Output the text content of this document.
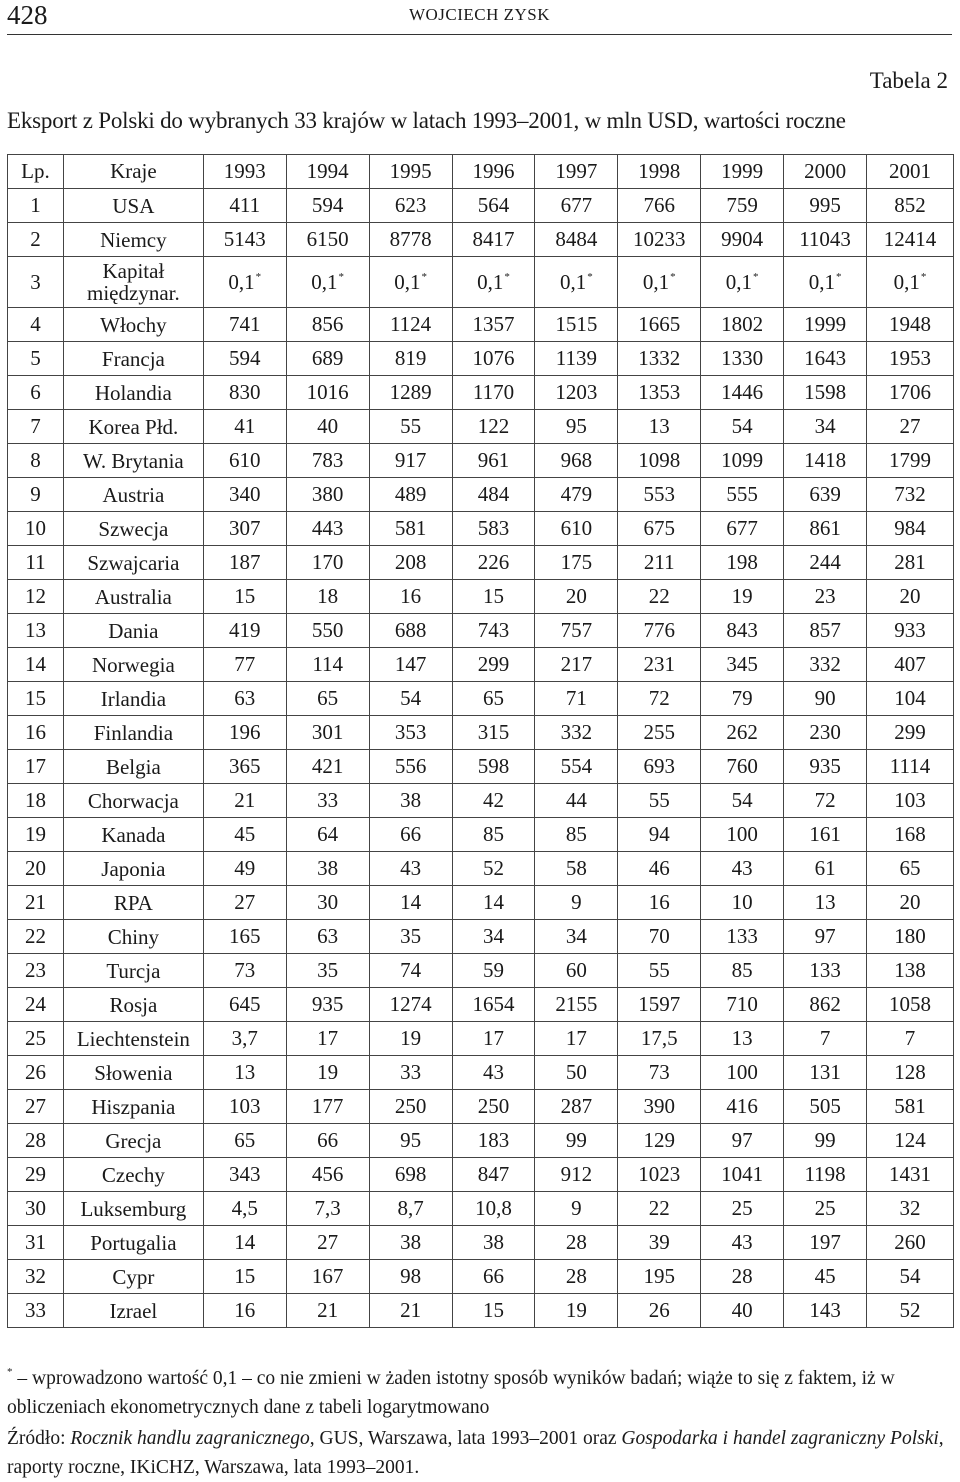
428	WOJCIECH ZYSK
Tabela 2
Eksport z Polski do wybranych 33 krajów w latach 1993–2001, w mln USD, wartości roczne
Lp.	Kraje	1993	1994	1995	1996	1997	1998	1999	2000	2001
1	USA	411	594	623	564	677	766	759	995	852
2	Niemcy	5143	6150	8778	8417	8484	10233	9904	11043	12414
3	Kapitał międzynar.	0,1*	0,1*	0,1*	0,1*	0,1*	0,1*	0,1*	0,1*	0,1*
4	Włochy	741	856	1124	1357	1515	1665	1802	1999	1948
5	Francja	594	689	819	1076	1139	1332	1330	1643	1953
6	Holandia	830	1016	1289	1170	1203	1353	1446	1598	1706
7	Korea Płd.	41	40	55	122	95	13	54	34	27
8	W. Brytania	610	783	917	961	968	1098	1099	1418	1799
9	Austria	340	380	489	484	479	553	555	639	732
10	Szwecja	307	443	581	583	610	675	677	861	984
11	Szwajcaria	187	170	208	226	175	211	198	244	281
12	Australia	15	18	16	15	20	22	19	23	20
13	Dania	419	550	688	743	757	776	843	857	933
14	Norwegia	77	114	147	299	217	231	345	332	407
15	Irlandia	63	65	54	65	71	72	79	90	104
16	Finlandia	196	301	353	315	332	255	262	230	299
17	Belgia	365	421	556	598	554	693	760	935	1114
18	Chorwacja	21	33	38	42	44	55	54	72	103
19	Kanada	45	64	66	85	85	94	100	161	168
20	Japonia	49	38	43	52	58	46	43	61	65
21	RPA	27	30	14	14	9	16	10	13	20
22	Chiny	165	63	35	34	34	70	133	97	180
23	Turcja	73	35	74	59	60	55	85	133	138
24	Rosja	645	935	1274	1654	2155	1597	710	862	1058
25	Liechtenstein	3,7	17	19	17	17	17,5	13	7	7
26	Słowenia	13	19	33	43	50	73	100	131	128
27	Hiszpania	103	177	250	250	287	390	416	505	581
28	Grecja	65	66	95	183	99	129	97	99	124
29	Czechy	343	456	698	847	912	1023	1041	1198	1431
30	Luksemburg	4,5	7,3	8,7	10,8	9	22	25	25	32
31	Portugalia	14	27	38	38	28	39	43	197	260
32	Cypr	15	167	98	66	28	195	28	45	54
33	Izrael	16	21	21	15	19	26	40	143	52
* – wprowadzono wartość 0,1 – co nie zmieni w żaden istotny sposób wyników badań; wiąże to się z faktem, iż w obliczeniach ekonometrycznych dane z tabeli logarytmowano
Źródło: Rocznik handlu zagranicznego, GUS, Warszawa, lata 1993–2001 oraz Gospodarka i handel zagraniczny Polski, raporty roczne, IKiCHZ, Warszawa, lata 1993–2001.
